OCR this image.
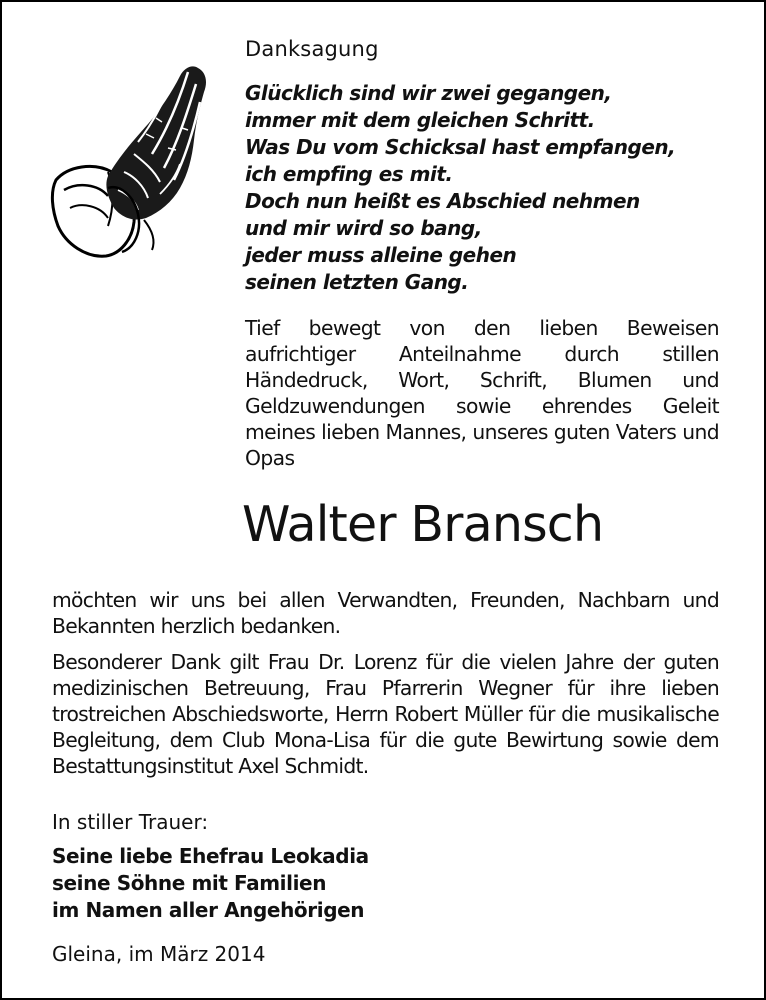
Danksagung
Glücklich sind wir zwei gegangen,
immer mit dem gleichen Schritt.
Was Du vom Schicksal hast empfangen,
ich empfing es mit.
Doch nun heißt es Abschied nehmen
und mir wird so bang,
jeder muss alleine gehen
seinen letzten Gang.
Tief bewegt von den lieben Beweisen aufrichtiger Anteilnahme durch stillen Händedruck, Wort, Schrift, Blumen und Geldzuwendungen sowie ehrendes Geleit meines lieben Mannes, unseres guten Vaters und Opas
Walter Bransch

möchten wir uns bei allen Verwandten, Freunden, Nachbarn und Bekannten herzlich bedanken.

Besonderer Dank gilt Frau Dr. Lorenz für die vielen Jahre der guten medizinischen Betreuung, Frau Pfarrerin Wegner für ihre lieben trostreichen Abschiedsworte, Herrn Robert Müller für die musikalische Begleitung, dem Club Mona-Lisa für die gute Bewirtung sowie dem Bestattungsinstitut Axel Schmidt.

In stiller Trauer:
Seine liebe Ehefrau Leokadia
seine Söhne mit Familien
im Namen aller Angehörigen
Gleina, im März 2014
